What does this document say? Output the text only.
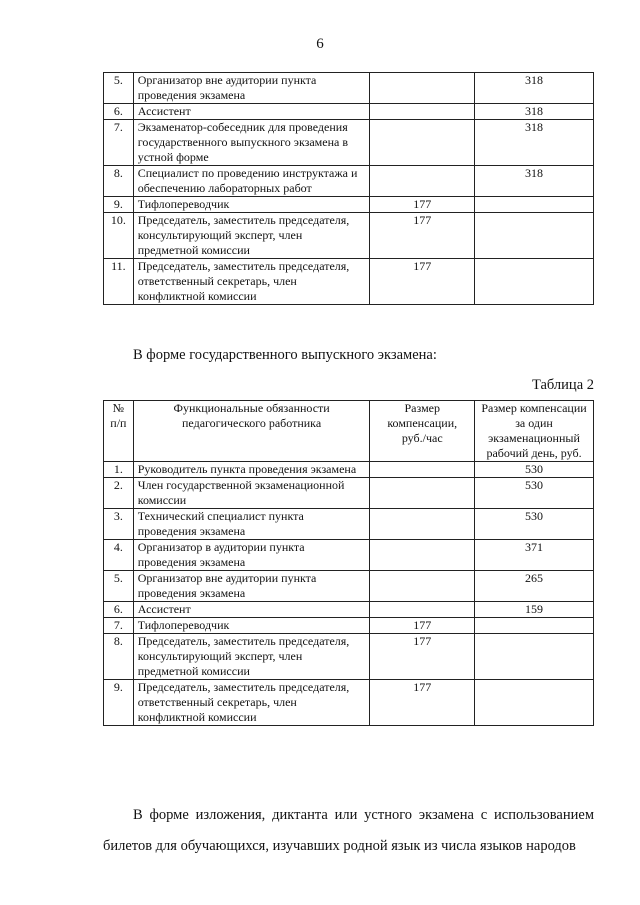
6
5.	Организатор вне аудитории пункта проведения экзамена		318
6.	Ассистент		318
7.	Экзаменатор-собеседник для проведения государственного выпускного экзамена в устной форме		318
8.	Специалист по проведению инструктажа и обеспечению лабораторных работ		318
9.	Тифлопереводчик	177	
10.	Председатель, заместитель председателя, консультирующий эксперт, член предметной комиссии	177	
11.	Председатель, заместитель председателя, ответственный секретарь, член конфликтной комиссии	177	
В форме государственного выпускного экзамена:
Таблица 2
№ п/п	Функциональные обязанности педагогического работника	Размер компенсации, руб./час	Размер компенсации за один экзаменационный рабочий день, руб.
1.	Руководитель пункта проведения экзамена		530
2.	Член государственной экзаменационной комиссии		530
3.	Технический специалист пункта проведения экзамена		530
4.	Организатор в аудитории пункта проведения экзамена		371
5.	Организатор вне аудитории пункта проведения экзамена		265
6.	Ассистент		159
7.	Тифлопереводчик	177	
8.	Председатель, заместитель председателя, консультирующий эксперт, член предметной комиссии	177	
9.	Председатель, заместитель председателя, ответственный секретарь, член конфликтной комиссии	177	
В форме изложения, диктанта или устного экзамена с использованием билетов для обучающихся, изучавших родной язык из числа языков народов
